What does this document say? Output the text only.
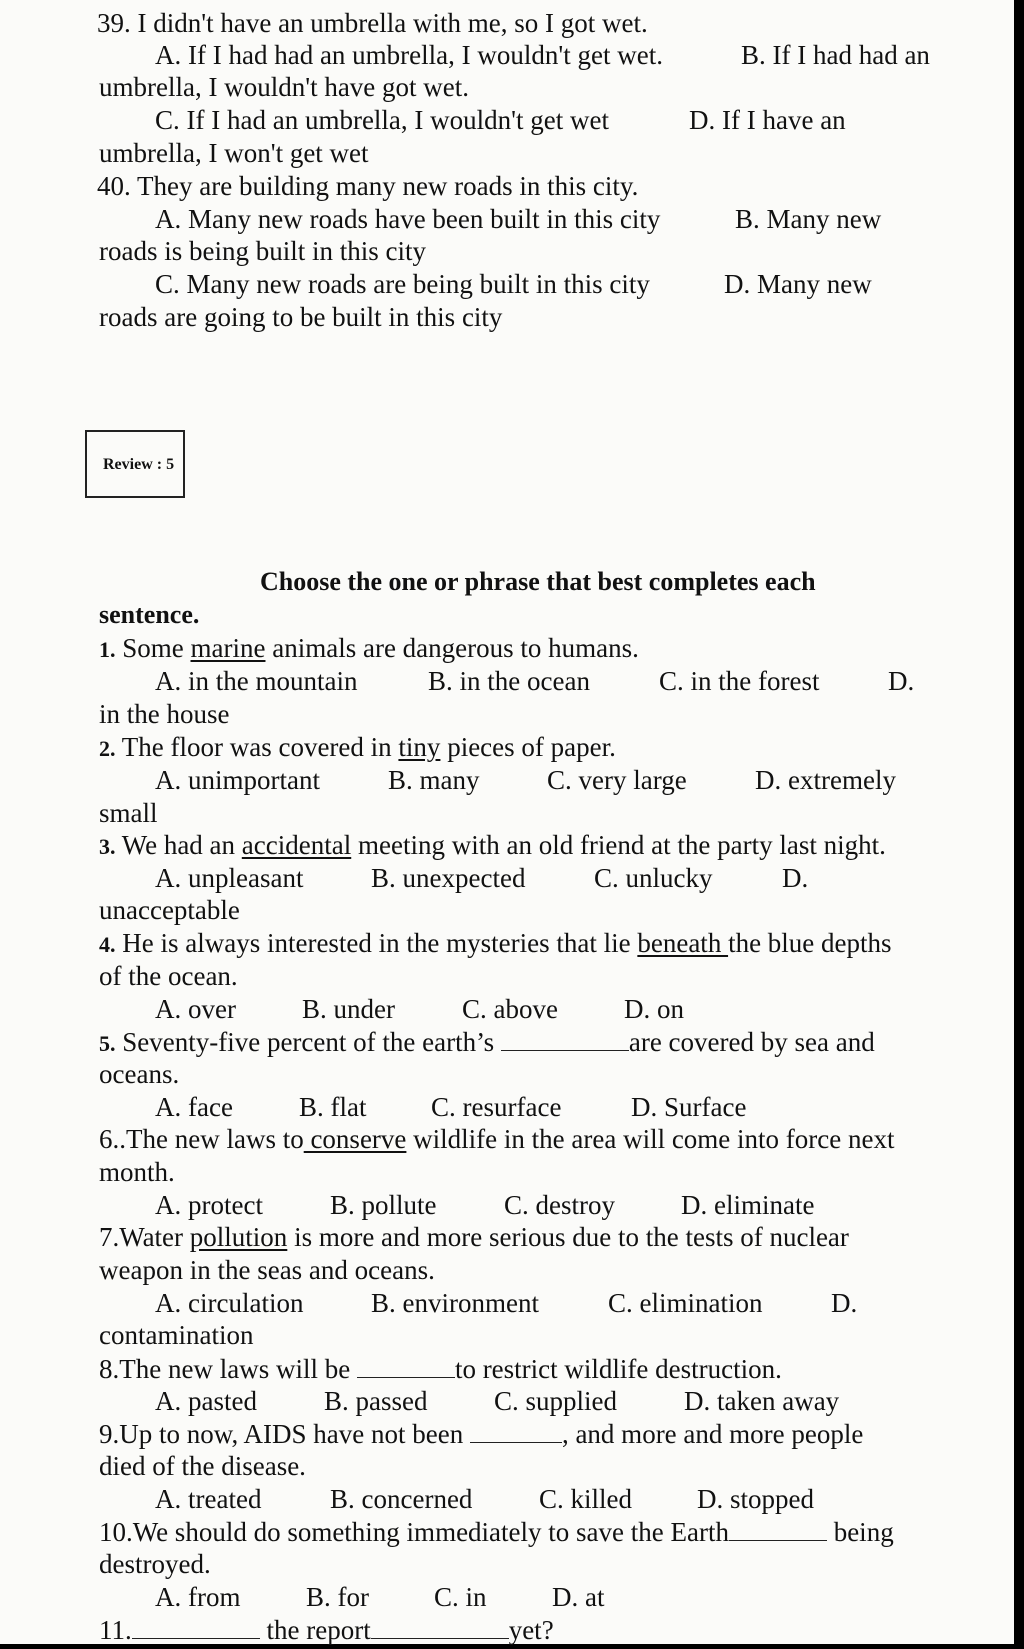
39. I didn't have an umbrella with me, so I got wet.
A. If I had had an umbrella, I wouldn't get wet.	B. If I had had an
umbrella, I wouldn't have got wet.
C. If I had an umbrella, I wouldn't get wet	D. If I have an
umbrella, I won't get wet
40. They are building many new roads in this city.
A. Many new roads have been built in this city	B. Many new
roads is being built in this city
C. Many new roads are being built in this city	D. Many new
roads are going to be built in this city
Review : 5
Choose the one or phrase that best completes each
sentence.
1. Some marine animals are dangerous to humans.
A. in the mountain	B. in the ocean	C. in the forest	D.
in the house
2. The floor was covered in tiny pieces of paper.
A. unimportant	B. many	C. very large	D. extremely
small
3. We had an accidental meeting with an old friend at the party last night.
A. unpleasant	B. unexpected	C. unlucky	D.
unacceptable
4. He is always interested in the mysteries that lie beneath the blue depths
of the ocean.
A. over B. under C. above D. on
5. Seventy-five percent of the earth’s	are covered by sea and
oceans.
A. face B. flat C. resurface	D. Surface
6..The new laws to conserve wildlife in the area will come into force next
month.
A. protect B. pollute	C. destroy D. eliminate
7.Water pollution is more and more serious due to the tests of nuclear
weapon in the seas and oceans.
A. circulation	B. environment	C. elimination	D.
contamination
8.The new laws will be	to restrict wildlife destruction.
A. pasted B. passed C. supplied D. taken away
9.Up to now, AIDS have not been	, and more and more people
died of the disease.
A. treated	B. concerned C. killed D. stopped
10.We should do something immediately to save the Earth	being
destroyed.
A. from B. for C. in D. at
11.	the report	yet?
